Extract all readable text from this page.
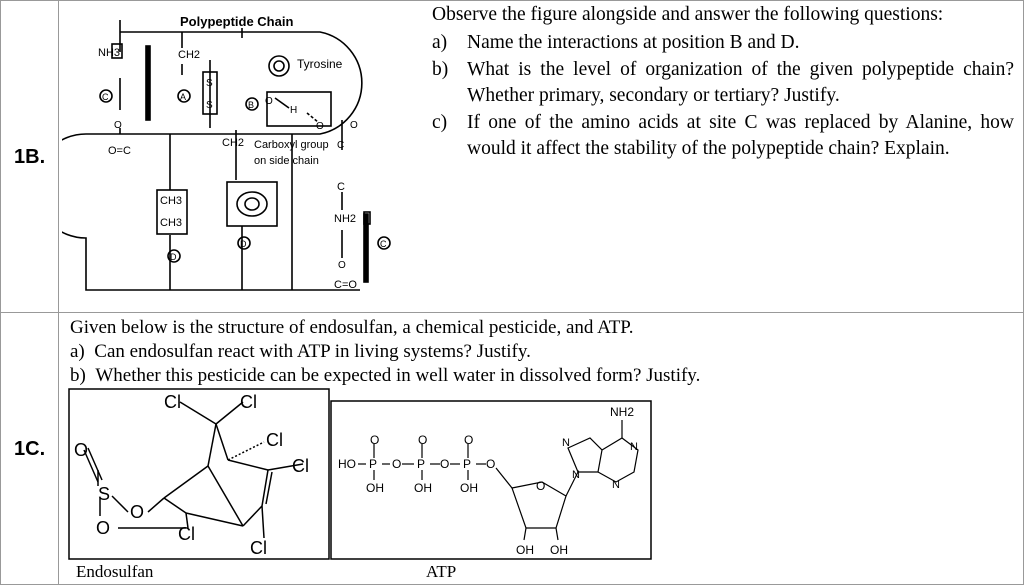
1B.
Polypeptide Chain
NH3	CH2
Tyrosine
C	A
B
S
S	O
H
O	O
O
O=C
CH2 Carboxyl group
on side chain
C
C
CH3
CH3
D
D
NH2
C
O
C=O
Observe the figure alongside and answer the following questions:
a)	Name the interactions at position B and D.
b) What is the level of organization of the given polypeptide chain? Whether primary, secondary or tertiary? Justify.
c)	If one of the amino acids at site C was replaced by Alanine, how would it affect the stability of the polypeptide chain? Explain.
1C.
Given below is the structure of endosulfan, a chemical pesticide, and ATP.
a) Can endosulfan react with ATP in living systems? Justify.
b) Whether this pesticide can be expected in well water in dissolved form? Justify.
Cl	Cl
Cl
Cl
Cl
Cl
O
S
O
O
O	O	O
HO P O P O P O
OH	OH OH	O
OH OH
N
N	N
N
NH2
Endosulfan	ATP
